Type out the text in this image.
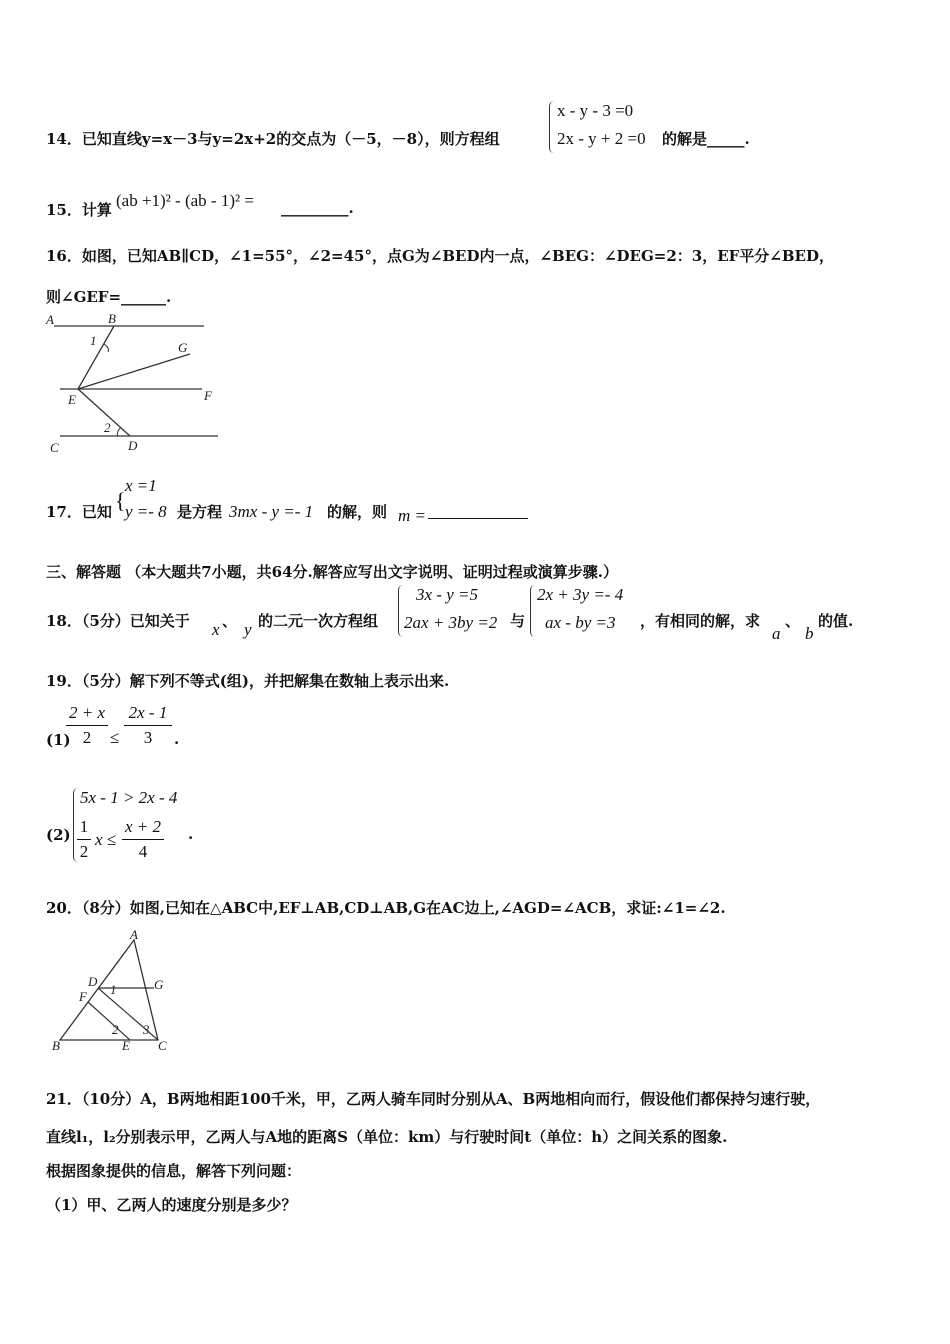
x - y - 3 =0
2x - y + 2 =0
14．已知直线y=x－3与y=2x+2的交点为（－5，－8），则方程组	的解是_____.
15．计算 (ab +1)² - (ab - 1)² = _________.
16．如图，已知AB∥CD，∠1=55°，∠2=45°，点G为∠BED内一点，∠BEG：∠DEG=2：3，EF平分∠BED，
则∠GEF=______.
A	B
1	G
E	F
2
C	D
17．已知 {
x =1
y =- 8 是方程 3mx - y =- 1 的解，则 m =
三、解答题 （本大题共7小题，共64分.解答应写出文字说明、证明过程或演算步骤.）
18．（5分）已知关于 x 、 y 的二元一次方程组
3x - y =5
2ax + 3by =2 与
2x + 3y =- 4
ax - by =3 ，有相同的解，求
a
、
b
的值.
19．（5分）解下列不等式(组)，并把解集在数轴上表示出来.
(1)
2 + x
2	≤
2x - 1
3	.
(2)
5x - 1 > 2x - 4
1
2
x ≤
x + 2
4
.
20．（8分）如图,已知在△ABC中,EF⊥AB,CD⊥AB,G在AC边上,∠AGD=∠ACB，求证:∠1=∠2.
A
D
1	G
F
2 3
B	E C
21．（10分）A，B两地相距100千米，甲，乙两人骑车同时分别从A、B两地相向而行，假设他们都保持匀速行驶，
直线l₁，l₂分别表示甲，乙两人与A地的距离S（单位：km）与行驶时间t（单位：h）之间关系的图象.
根据图象提供的信息，解答下列问题：
（1）甲、乙两人的速度分别是多少？
